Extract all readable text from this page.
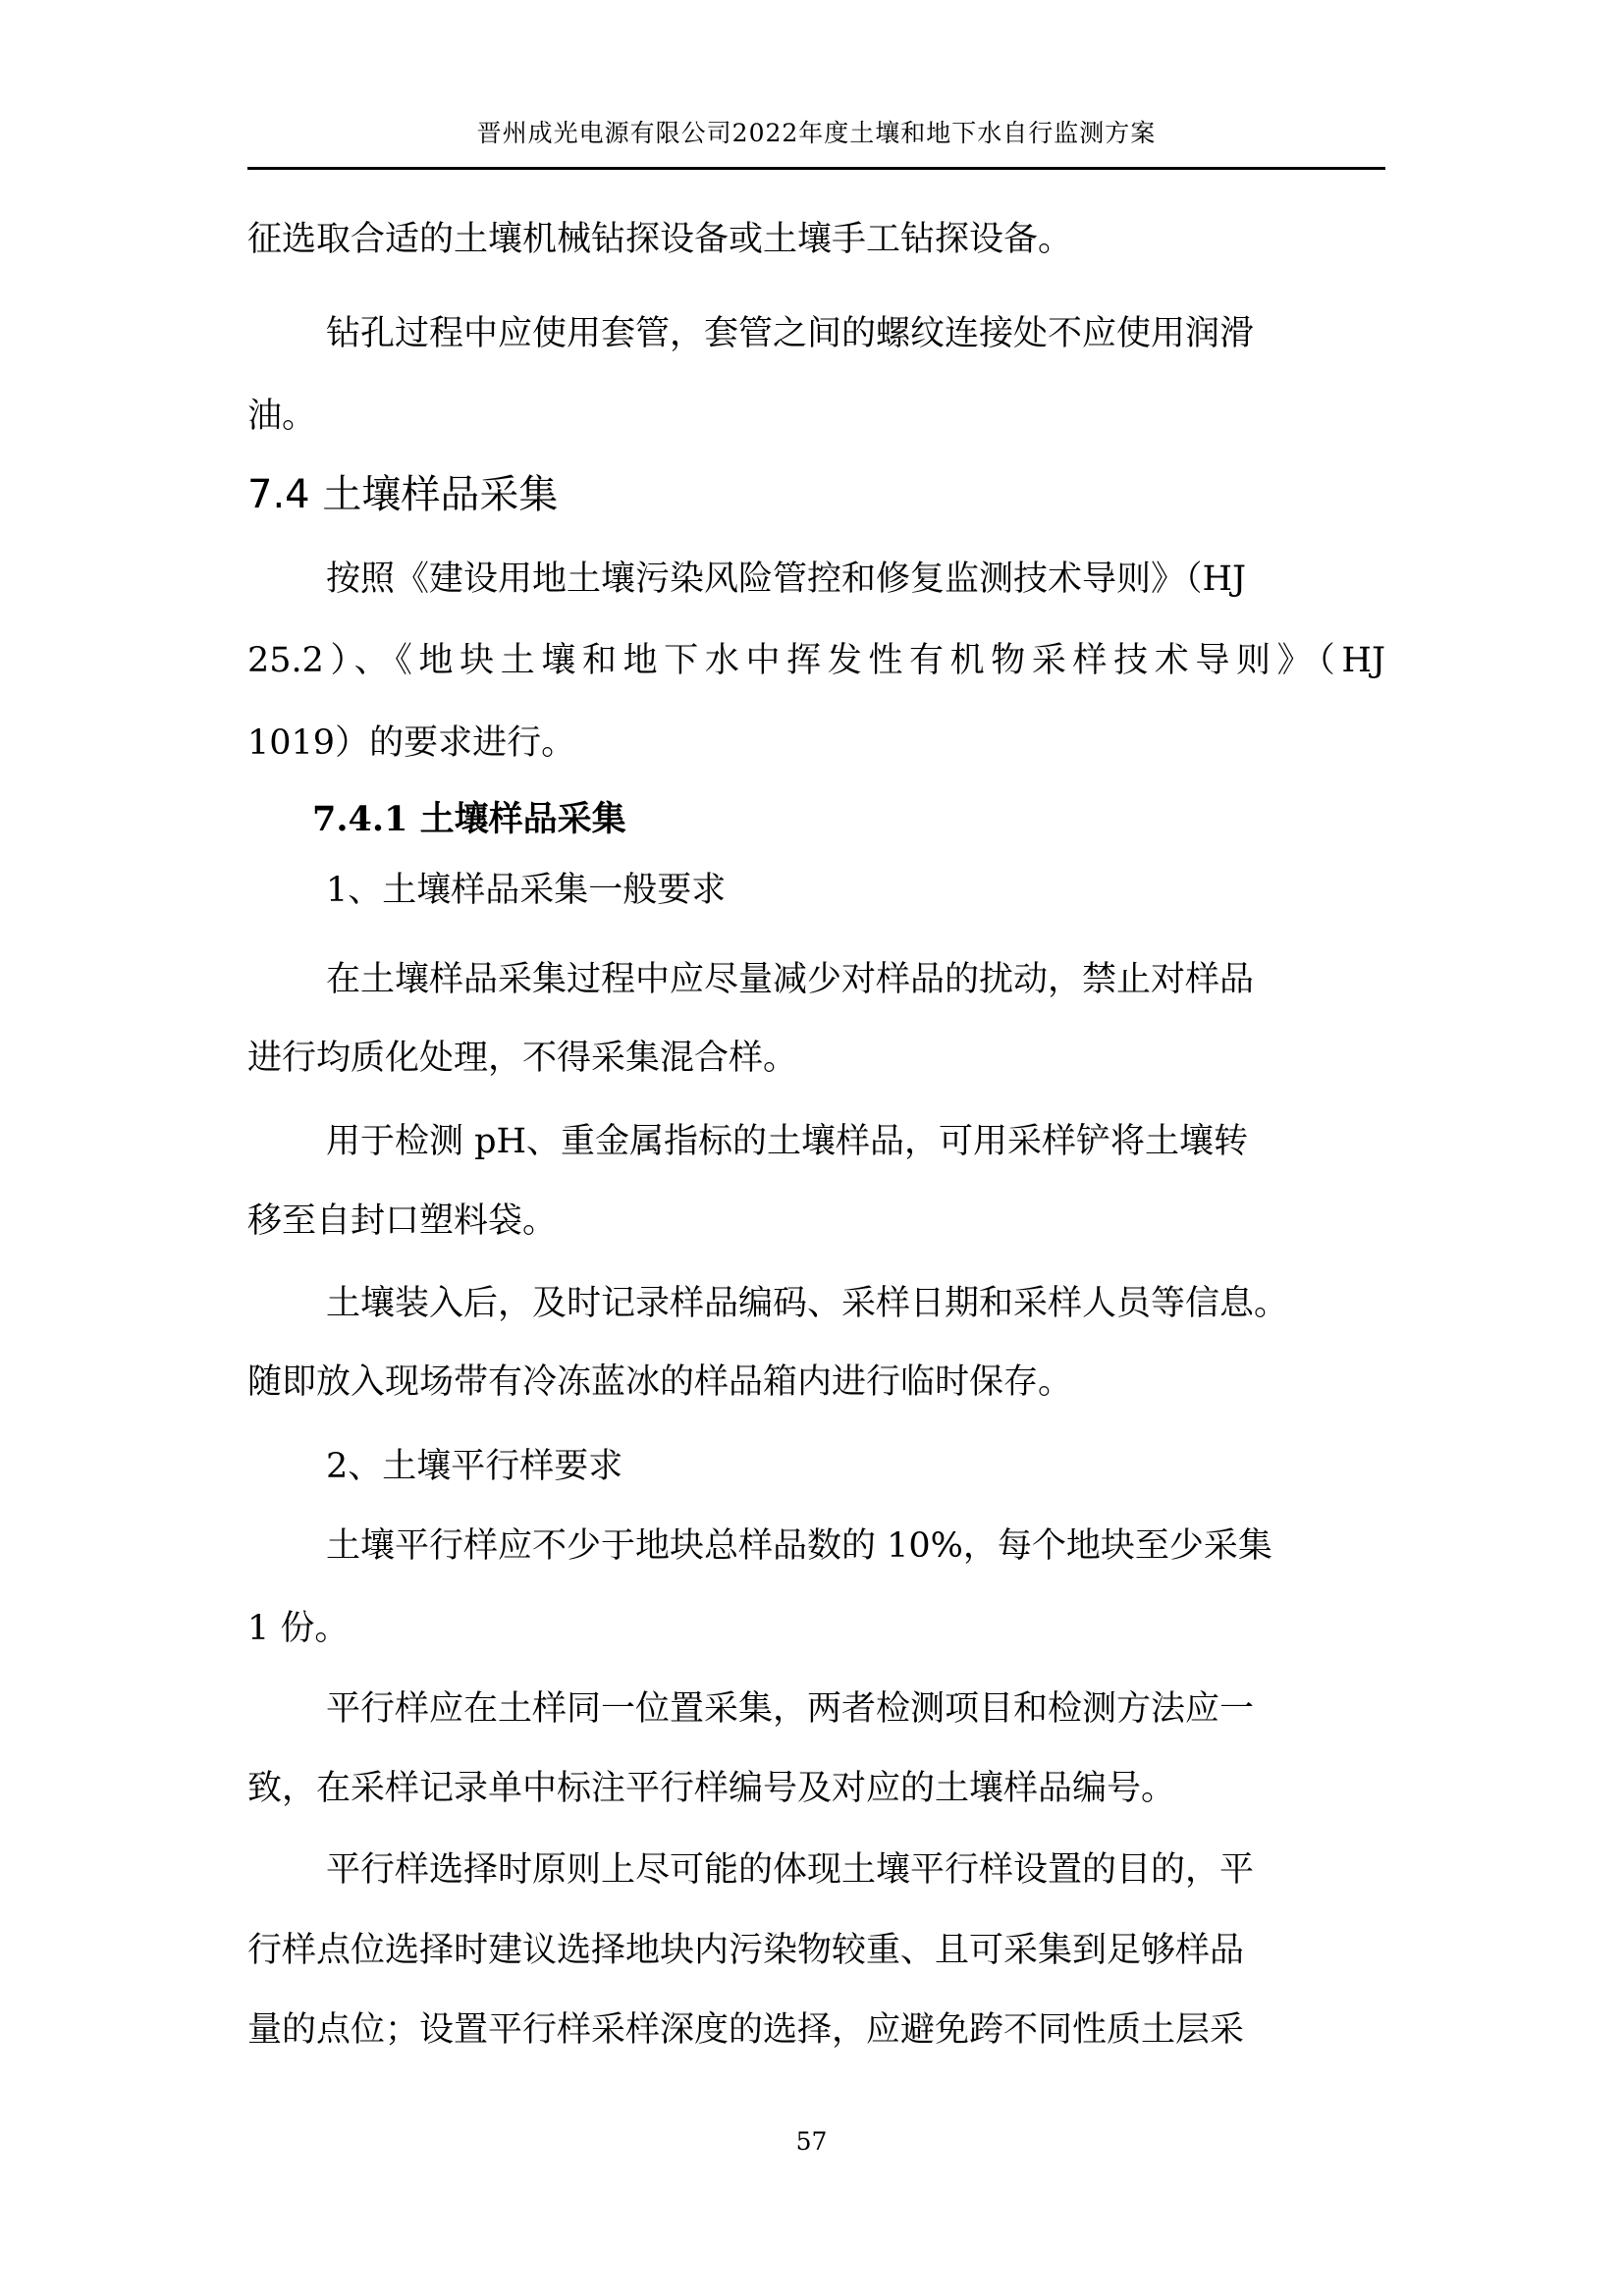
晋州成光电源有限公司2022年度土壤和地下水自行监测方案
征选取合适的土壤机械钻探设备或土壤手工钻探设备。
钻孔过程中应使用套管，套管之间的螺纹连接处不应使用润滑
油。
7.4 土壤样品采集
按照《建设用地土壤污染风险管控和修复监测技术导则》（HJ
25.2）、《地块土壤和地下水中挥发性有机物采样技术导则》（HJ
1019）的要求进行。
7.4.1 土壤样品采集
1、土壤样品采集一般要求
在土壤样品采集过程中应尽量减少对样品的扰动，禁止对样品
进行均质化处理，不得采集混合样。
用于检测 pH、重金属指标的土壤样品，可用采样铲将土壤转
移至自封口塑料袋。
土壤装入后，及时记录样品编码、采样日期和采样人员等信息。
随即放入现场带有冷冻蓝冰的样品箱内进行临时保存。
2、土壤平行样要求
土壤平行样应不少于地块总样品数的 10%，每个地块至少采集
1 份。
平行样应在土样同一位置采集，两者检测项目和检测方法应一
致，在采样记录单中标注平行样编号及对应的土壤样品编号。
平行样选择时原则上尽可能的体现土壤平行样设置的目的，平
行样点位选择时建议选择地块内污染物较重、且可采集到足够样品
量的点位；设置平行样采样深度的选择，应避免跨不同性质土层采
57
